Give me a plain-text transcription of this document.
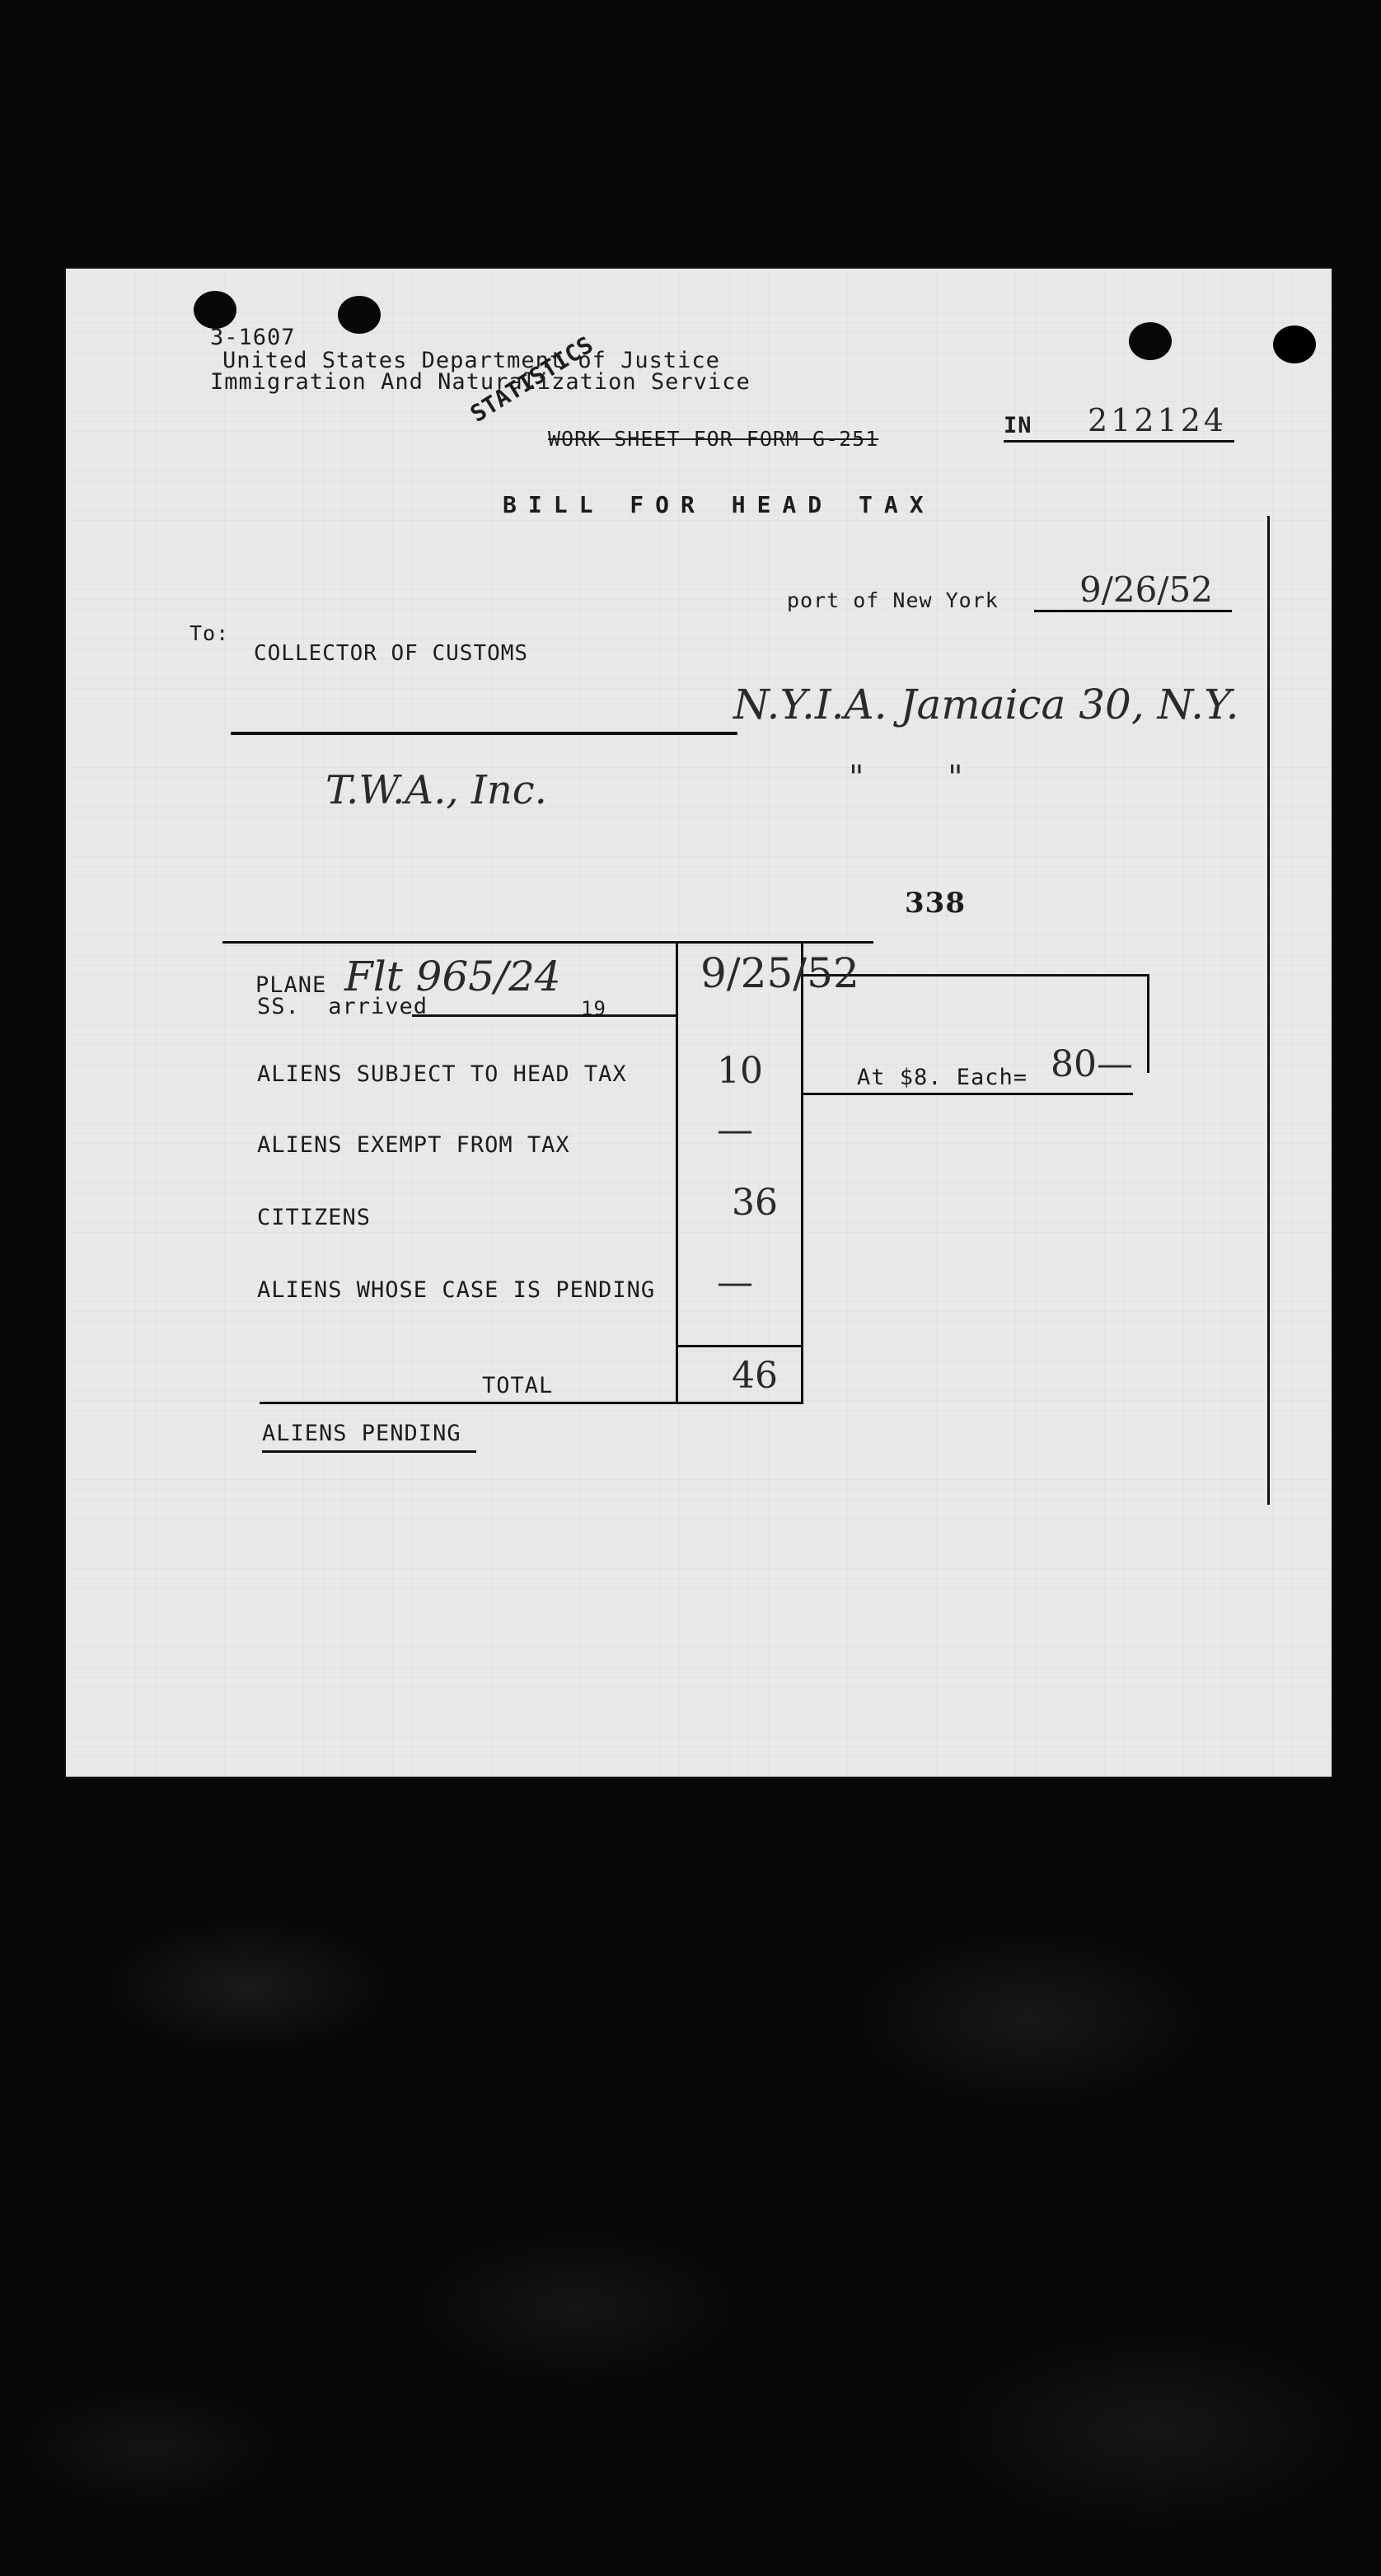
3-1607
United States Department of Justice
Immigration And Naturalization Service
STATISTICS
WORK SHEET FOR FORM G-251
IN 212124
BILL FOR HEAD TAX
port of New York 9/26/52
To:
COLLECTOR OF CUSTOMS
N.Y.I.A. Jamaica 30, N.Y.
"        "
T.W.A., Inc.
338
PLANE
SS.  arrived	19
Flt 965/24	9/25/52
ALIENS SUBJECT TO HEAD TAX 10
ALIENS EXEMPT FROM TAX	—
CITIZENS	36
ALIENS WHOSE CASE IS PENDING —
TOTAL	46
At $8. Each= 80—
ALIENS PENDING
